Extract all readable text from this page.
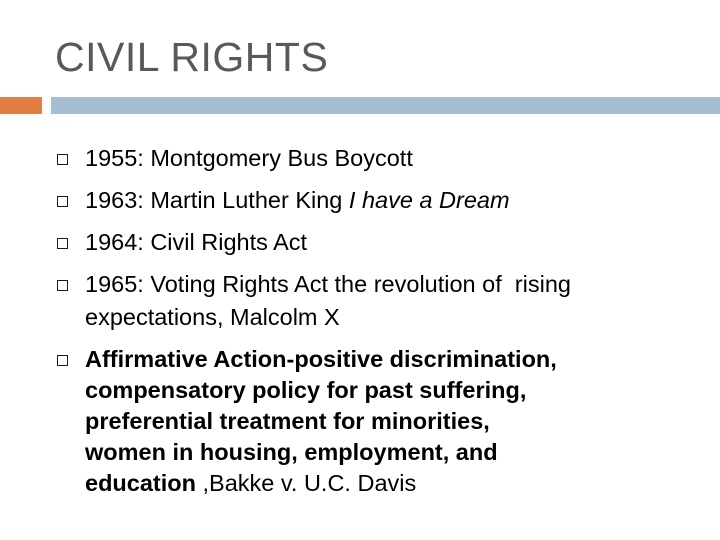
CIVIL RIGHTS
1955: Montgomery Bus Boycott
1963: Martin Luther King I have a Dream
1964: Civil Rights Act
1965: Voting Rights Act the revolution of  rising
expectations, Malcolm X
Affirmative Action-positive discrimination,
compensatory policy for past suffering,
preferential treatment for minorities,
women in housing, employment, and
education ,Bakke v. U.C. Davis
